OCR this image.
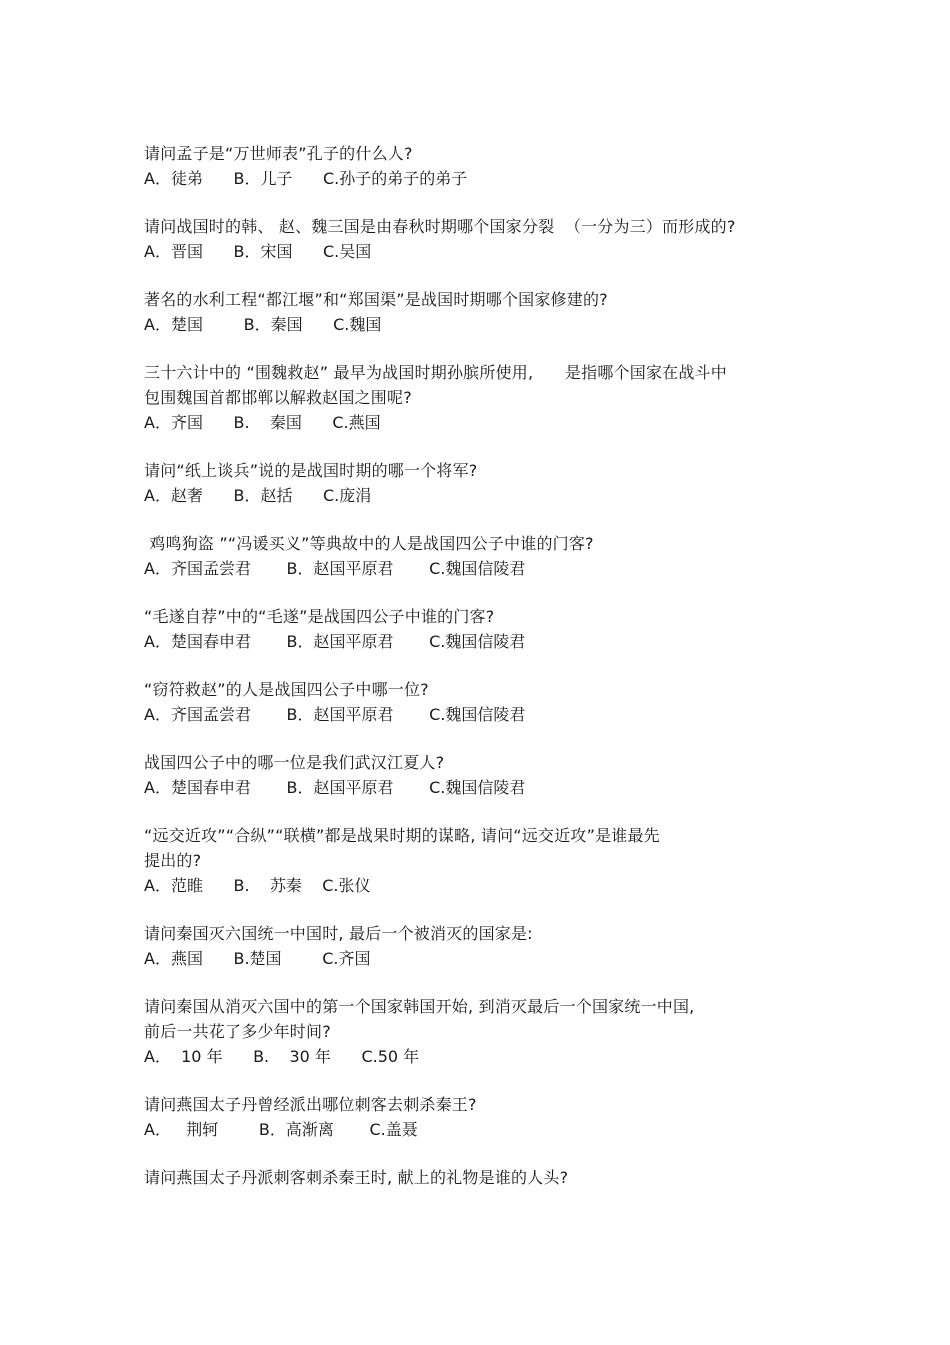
请问孟子是“万世师表”孔子的什么人?
A．徒弟      B．儿子      C.孙子的弟子的弟子
请问战国时的韩、 赵、魏三国是由春秋时期哪个国家分裂  （一分为三）而形成的?
A．晋国      B．宋国      C.吴国
著名的水利工程“都江堰”和“郑国渠”是战国时期哪个国家修建的?
A．楚国        B．秦国      C.魏国
三十六计中的 “围魏救赵” 最早为战国时期孙膑所使用,      是指哪个国家在战斗中
包围魏国首都邯郸以解救赵国之围呢?
A．齐国      B.    秦国      C.燕国
请问“纸上谈兵”说的是战国时期的哪一个将军?
A．赵奢      B．赵括      C.庞涓
鸡鸣狗盗 ”“冯谖买义”等典故中的人是战国四公子中谁的门客?
A．齐国孟尝君       B．赵国平原君       C.魏国信陵君
“毛遂自荐”中的“毛遂”是战国四公子中谁的门客?
A．楚国春申君       B．赵国平原君       C.魏国信陵君
“窃符救赵”的人是战国四公子中哪一位?
A．齐国孟尝君       B．赵国平原君       C.魏国信陵君
战国四公子中的哪一位是我们武汉江夏人?
A．楚国春申君       B．赵国平原君       C.魏国信陵君
“远交近攻”“合纵”“联横”都是战果时期的谋略, 请问“远交近攻”是谁最先
提出的?
A．范睢      B.    苏秦    C.张仪
请问秦国灭六国统一中国时, 最后一个被消灭的国家是:
A．燕国      B.楚国        C.齐国
请问秦国从消灭六国中的第一个国家韩国开始, 到消灭最后一个国家统一中国,
前后一共花了多少年时间?
A．  10 年      B.    30 年      C.50 年
请问燕国太子丹曾经派出哪位刺客去刺杀秦王?
A．   荆轲        B．高渐离       C.盖聂
请问燕国太子丹派刺客刺杀秦王时, 献上的礼物是谁的人头?
